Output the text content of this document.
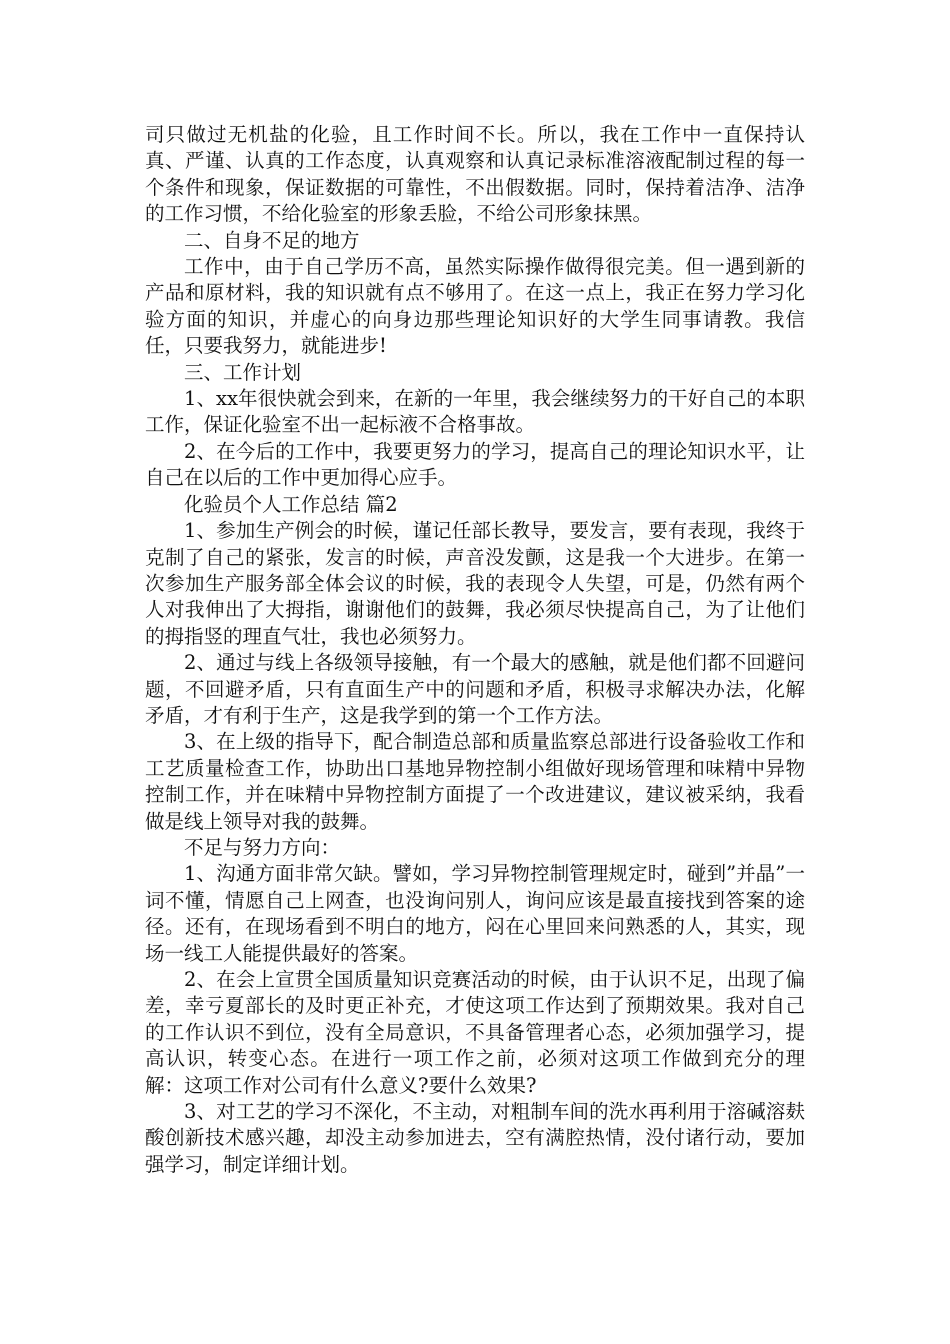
司只做过无机盐的化验，且工作时间不长。所以，我在工作中一直保持认真、严谨、认真的工作态度，认真观察和认真记录标准溶液配制过程的每一个条件和现象，保证数据的可靠性，不出假数据。同时，保持着洁净、洁净的工作习惯，不给化验室的形象丢脸，不给公司形象抹黑。

二、自身不足的地方

工作中，由于自己学历不高，虽然实际操作做得很完美。但一遇到新的产品和原材料，我的知识就有点不够用了。在这一点上，我正在努力学习化验方面的知识，并虚心的向身边那些理论知识好的大学生同事请教。我信任，只要我努力，就能进步!

三、工作计划

1、xx年很快就会到来，在新的一年里，我会继续努力的干好自己的本职工作，保证化验室不出一起标液不合格事故。

2、在今后的工作中，我要更努力的学习，提高自己的理论知识水平，让自己在以后的工作中更加得心应手。

化验员个人工作总结 篇2

1、参加生产例会的时候，谨记任部长教导，要发言，要有表现，我终于克制了自己的紧张，发言的时候，声音没发颤，这是我一个大进步。在第一次参加生产服务部全体会议的时候，我的表现令人失望，可是，仍然有两个人对我伸出了大拇指，谢谢他们的鼓舞，我必须尽快提高自己，为了让他们的拇指竖的理直气壮，我也必须努力。

2、通过与线上各级领导接触，有一个最大的感触，就是他们都不回避问题，不回避矛盾，只有直面生产中的问题和矛盾，积极寻求解决办法，化解矛盾，才有利于生产，这是我学到的第一个工作方法。

3、在上级的指导下，配合制造总部和质量监察总部进行设备验收工作和工艺质量检查工作，协助出口基地异物控制小组做好现场管理和味精中异物控制工作，并在味精中异物控制方面提了一个改进建议，建议被采纳，我看做是线上领导对我的鼓舞。

不足与努力方向：

1、沟通方面非常欠缺。譬如，学习异物控制管理规定时，碰到”并晶”一词不懂，情愿自己上网查，也没询问别人，询问应该是最直接找到答案的途径。还有，在现场看到不明白的地方，闷在心里回来问熟悉的人，其实，现场一线工人能提供最好的答案。

2、在会上宣贯全国质量知识竞赛活动的时候，由于认识不足，出现了偏差，幸亏夏部长的及时更正补充，才使这项工作达到了预期效果。我对自己的工作认识不到位，没有全局意识，不具备管理者心态，必须加强学习，提高认识，转变心态。在进行一项工作之前，必须对这项工作做到充分的理解：这项工作对公司有什么意义?要什么效果?

3、对工艺的学习不深化，不主动，对粗制车间的洗水再利用于溶碱溶麸酸创新技术感兴趣，却没主动参加进去，空有满腔热情，没付诸行动，要加强学习，制定详细计划。
